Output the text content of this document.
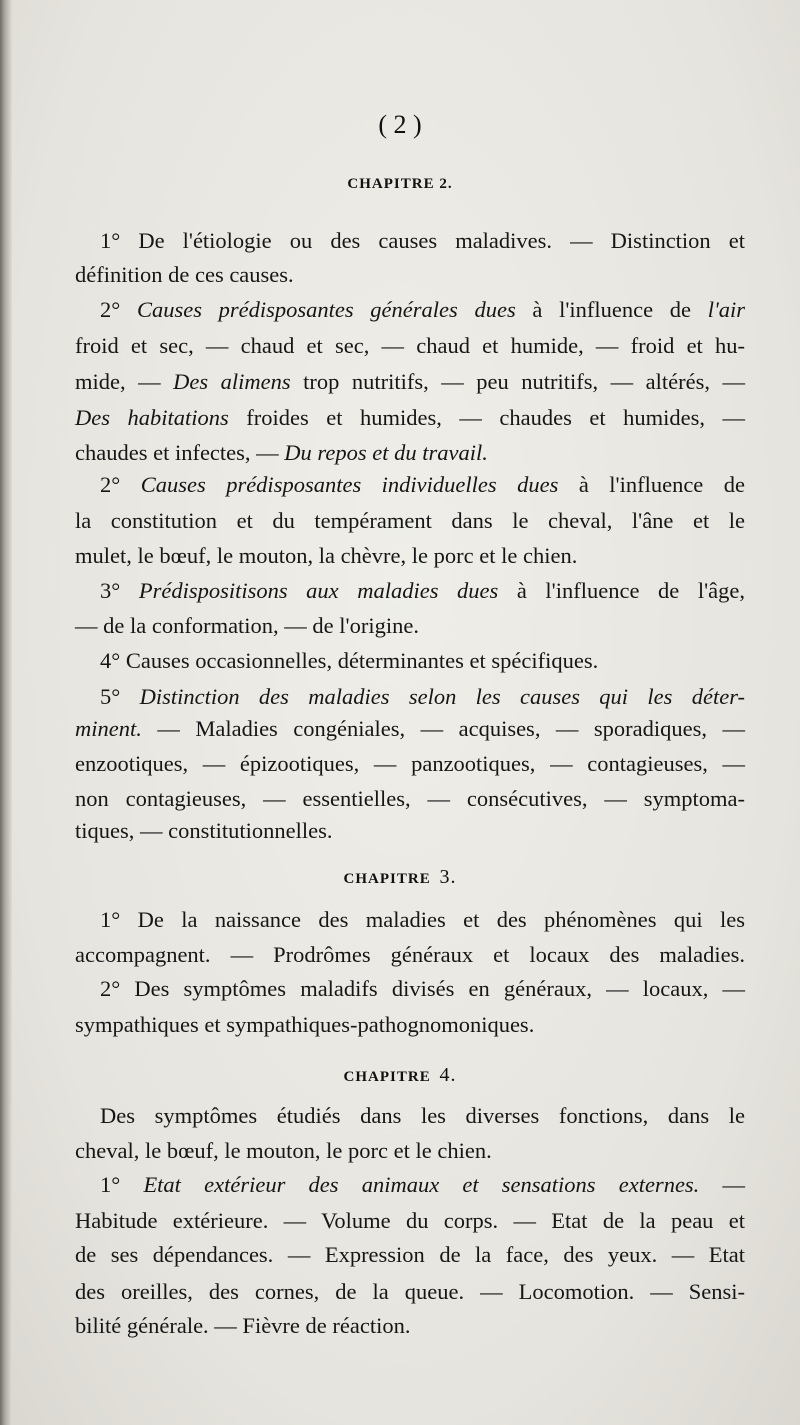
( 2 )
CHAPITRE 2.
1° De l'étiologie ou des causes maladives. — Distinction et
définition de ces causes.
2° Causes prédisposantes générales dues à l'influence de l'air
froid et sec, — chaud et sec, — chaud et humide, — froid et hu-
mide, — Des alimens trop nutritifs, — peu nutritifs, — altérés, —
Des habitations froides et humides, — chaudes et humides, —
chaudes et infectes, — Du repos et du travail.
2° Causes prédisposantes individuelles dues à l'influence de
la constitution et du tempérament dans le cheval, l'âne et le
mulet, le bœuf, le mouton, la chèvre, le porc et le chien.
3° Prédispositisons aux maladies dues à l'influence de l'âge,
— de la conformation, — de l'origine.
4° Causes occasionnelles, déterminantes et spécifiques.
5° Distinction des maladies selon les causes qui les déter-
minent. — Maladies congéniales, — acquises, — sporadiques, —
enzootiques, — épizootiques, — panzootiques, — contagieuses, —
non contagieuses, — essentielles, — consécutives, — symptoma-
tiques, — constitutionnelles.
CHAPITRE 3.
1° De la naissance des maladies et des phénomènes qui les
accompagnent. — Prodrômes généraux et locaux des maladies.
2° Des symptômes maladifs divisés en généraux, — locaux, —
sympathiques et sympathiques-pathognomoniques.
CHAPITRE 4.
Des symptômes étudiés dans les diverses fonctions, dans le
cheval, le bœuf, le mouton, le porc et le chien.
1° Etat extérieur des animaux et sensations externes. —
Habitude extérieure. — Volume du corps. — Etat de la peau et
de ses dépendances. — Expression de la face, des yeux. — Etat
des oreilles, des cornes, de la queue. — Locomotion. — Sensi-
bilité générale. — Fièvre de réaction.
